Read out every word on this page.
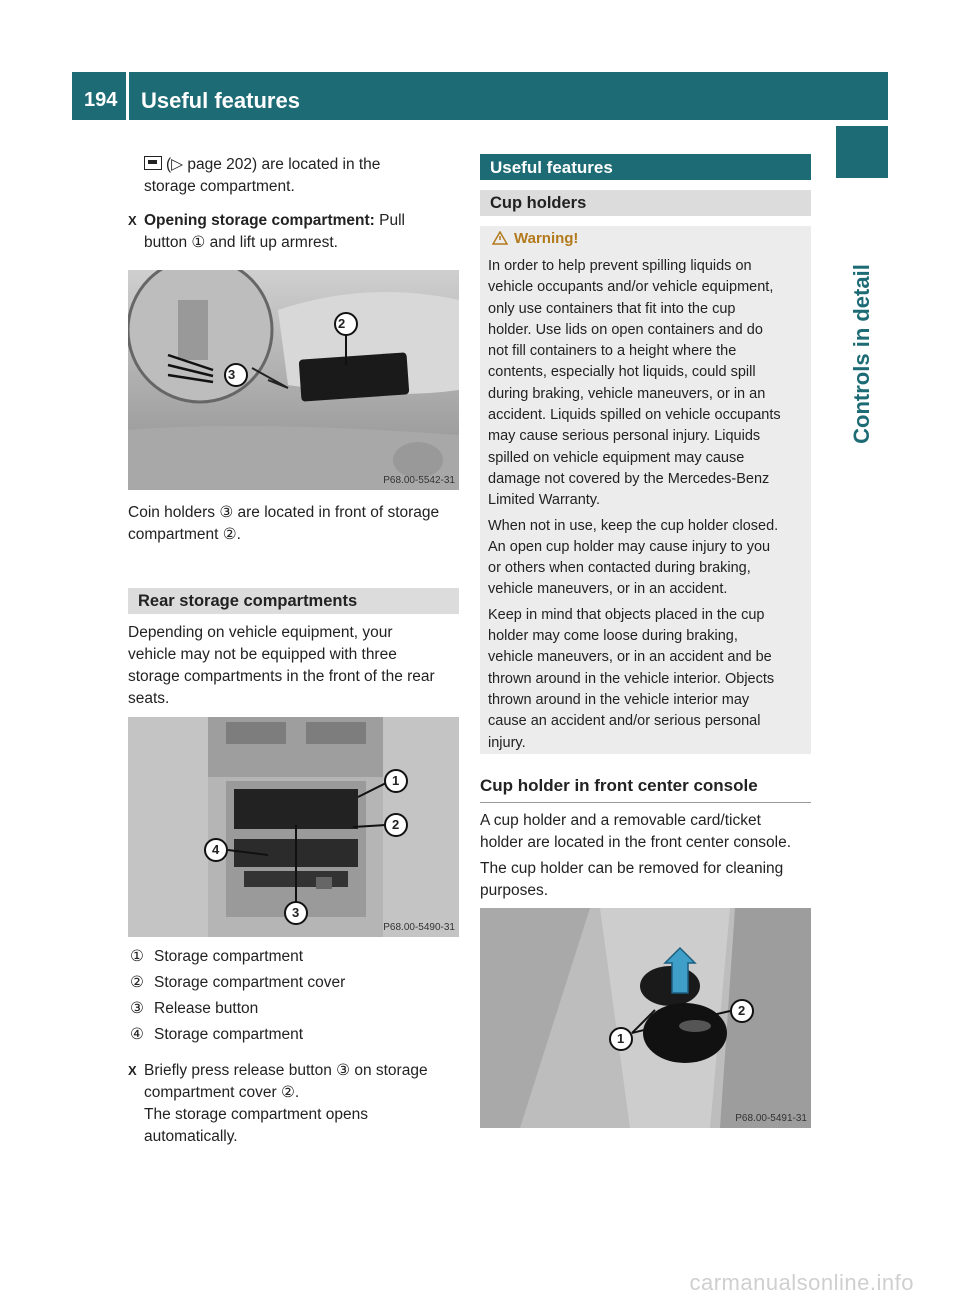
194	Useful features
Controls in detail

(▷ page 202) are located in the

storage compartment.

X Opening storage compartment: Pull

button ① and lift up armrest.

2
3
P68.00-5542-31

Coin holders ③ are located in front of storage

compartment ②.

Rear storage compartments

Depending on vehicle equipment, your

vehicle may not be equipped with three

storage compartments in the front of the rear

seats.

1
2
3
4
P68.00-5490-31
① Storage compartment
② Storage compartment cover
③ Release button
④ Storage compartment

X Briefly press release button ③ on storage

compartment cover ②.

The storage compartment opens

automatically.

Useful features
Cup holders
Warning!
In order to help prevent spilling liquids on
vehicle occupants and/or vehicle equipment,
only use containers that fit into the cup
holder. Use lids on open containers and do
not fill containers to a height where the
contents, especially hot liquids, could spill
during braking, vehicle maneuvers, or in an
accident. Liquids spilled on vehicle occupants
may cause serious personal injury. Liquids
spilled on vehicle equipment may cause
damage not covered by the Mercedes-Benz
Limited Warranty.
When not in use, keep the cup holder closed.
An open cup holder may cause injury to you
or others when contacted during braking,
vehicle maneuvers, or in an accident.
Keep in mind that objects placed in the cup
holder may come loose during braking,
vehicle maneuvers, or in an accident and be
thrown around in the vehicle interior. Objects
thrown around in the vehicle interior may
cause an accident and/or serious personal
injury.
Cup holder in front center console

A cup holder and a removable card/ticket

holder are located in the front center console.

The cup holder can be removed for cleaning

purposes.

1
2
P68.00-5491-31
carmanualsonline.info
